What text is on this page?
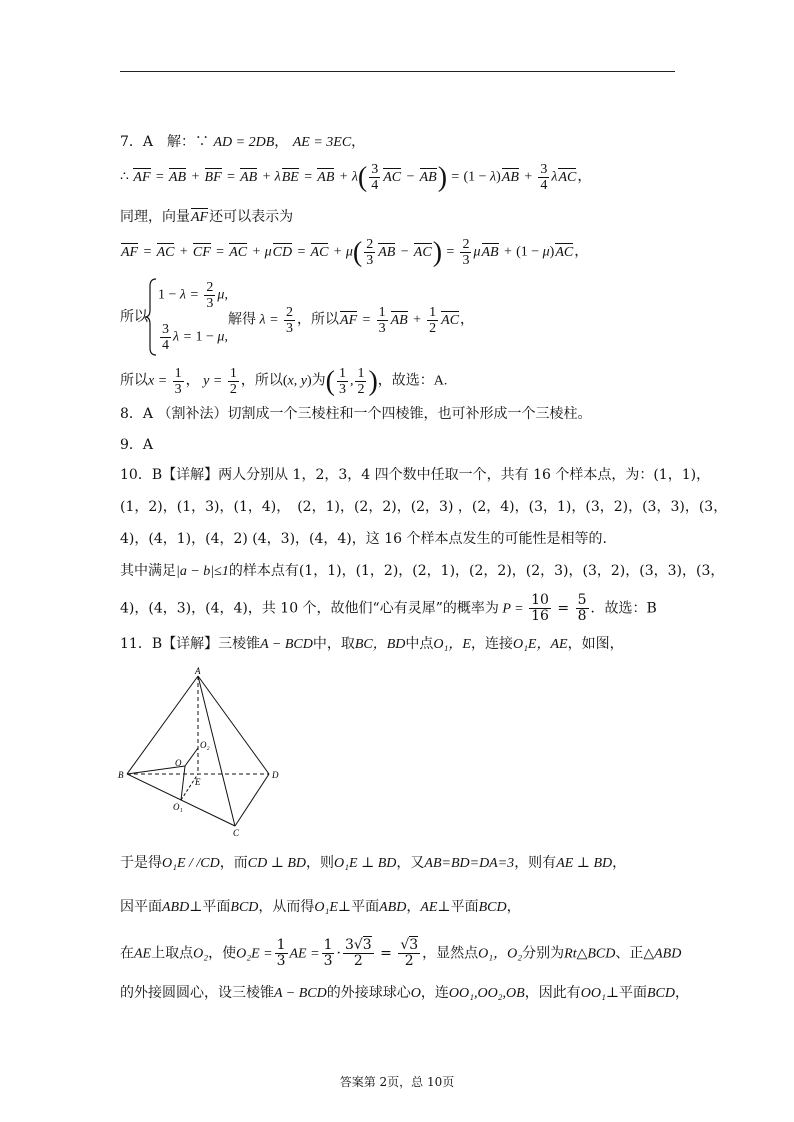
7．A　解：∵ AD = 2DB， AE = 3EC，
∴ AF = AB + BF = AB + λBE = AB + $\lambda( \frac{3}{4}$ AC − $AB) = (1 - \lambda)AB + \frac{3}{4}$ λAC，
同理，向量AF还可以表示为
AF = AC + CF = AC + μCD = AC + $\mu( \frac{2}{3}$ AB − $AC) = \frac{2}{3}$ μAB + (1 − μ)AC，
所以
$1 - \lambda = \frac{2}{3} \mu$,
$\frac{3}{4}$ λ = 1 − μ,
解得 $\lambda = \frac{2}{3}$ ，所以AF = $\frac{1}{3}$ AB + $\frac{1}{2}$ AC，
所以$x = \frac{1}{3}$ ， $y = \frac{1}{2}$ ，所以(x, y)为( $\frac{1}{3}$ , $\frac{1}{2}$ )，故选：A.
8．A （割补法）切割成一个三棱柱和一个四棱锥，也可补形成一个三棱柱。
9．A
10．B【详解】两人分别从 1，2，3，4 四个数中任取一个，共有 16 个样本点，为：(1，1)，
(1，2)，(1，3)，(1，4)，　(2，1)，(2，2)，(2，3) ，(2，4)，(3，1)，(3，2)，(3，3)，(3，
4)，(4，1)，(4，2) (4，3)，(4，4)，这 16 个样本点发生的可能性是相等的.
其中满足|a − b|≤1的样本点有(1，1)，(1，2)，(2，1)，(2，2)，(2，3)，(3，2)，(3，3)，(3，
4)，(4，3)，(4，4)，共 10 个，故他们“心有灵犀”的概率为 $P = \frac{10}{16} = \frac{5}{8}$ ．故选：B
11．B【详解】三棱锥A − BCD中，取BC，BD中点O₁，E，连接O₁E，AE，如图，
A
B
C
D
O
O₂
E
O₁
于是得O₁E / /CD，而CD ⊥ BD，则O₁E ⊥ BD，又AB=BD=DA=3，则有AE ⊥ BD，
因平面ABD⊥平面BCD，从而得O₁E⊥平面ABD，AE⊥平面BCD，
在AE上取点O₂，使$O_2E = \frac{1}{3}$ AE = $\frac{1}{3} \cdot \frac{3√3}{2} = \frac{√3}{2}$ ，显然点O₁，O₂分别为Rt△BCD、正△ABD
的外接圆圆心，设三棱锥A − BCD的外接球球心O，连OO₁,OO₂,OB，因此有OO₁⊥平面BCD，
答案第 2页，总 10页
